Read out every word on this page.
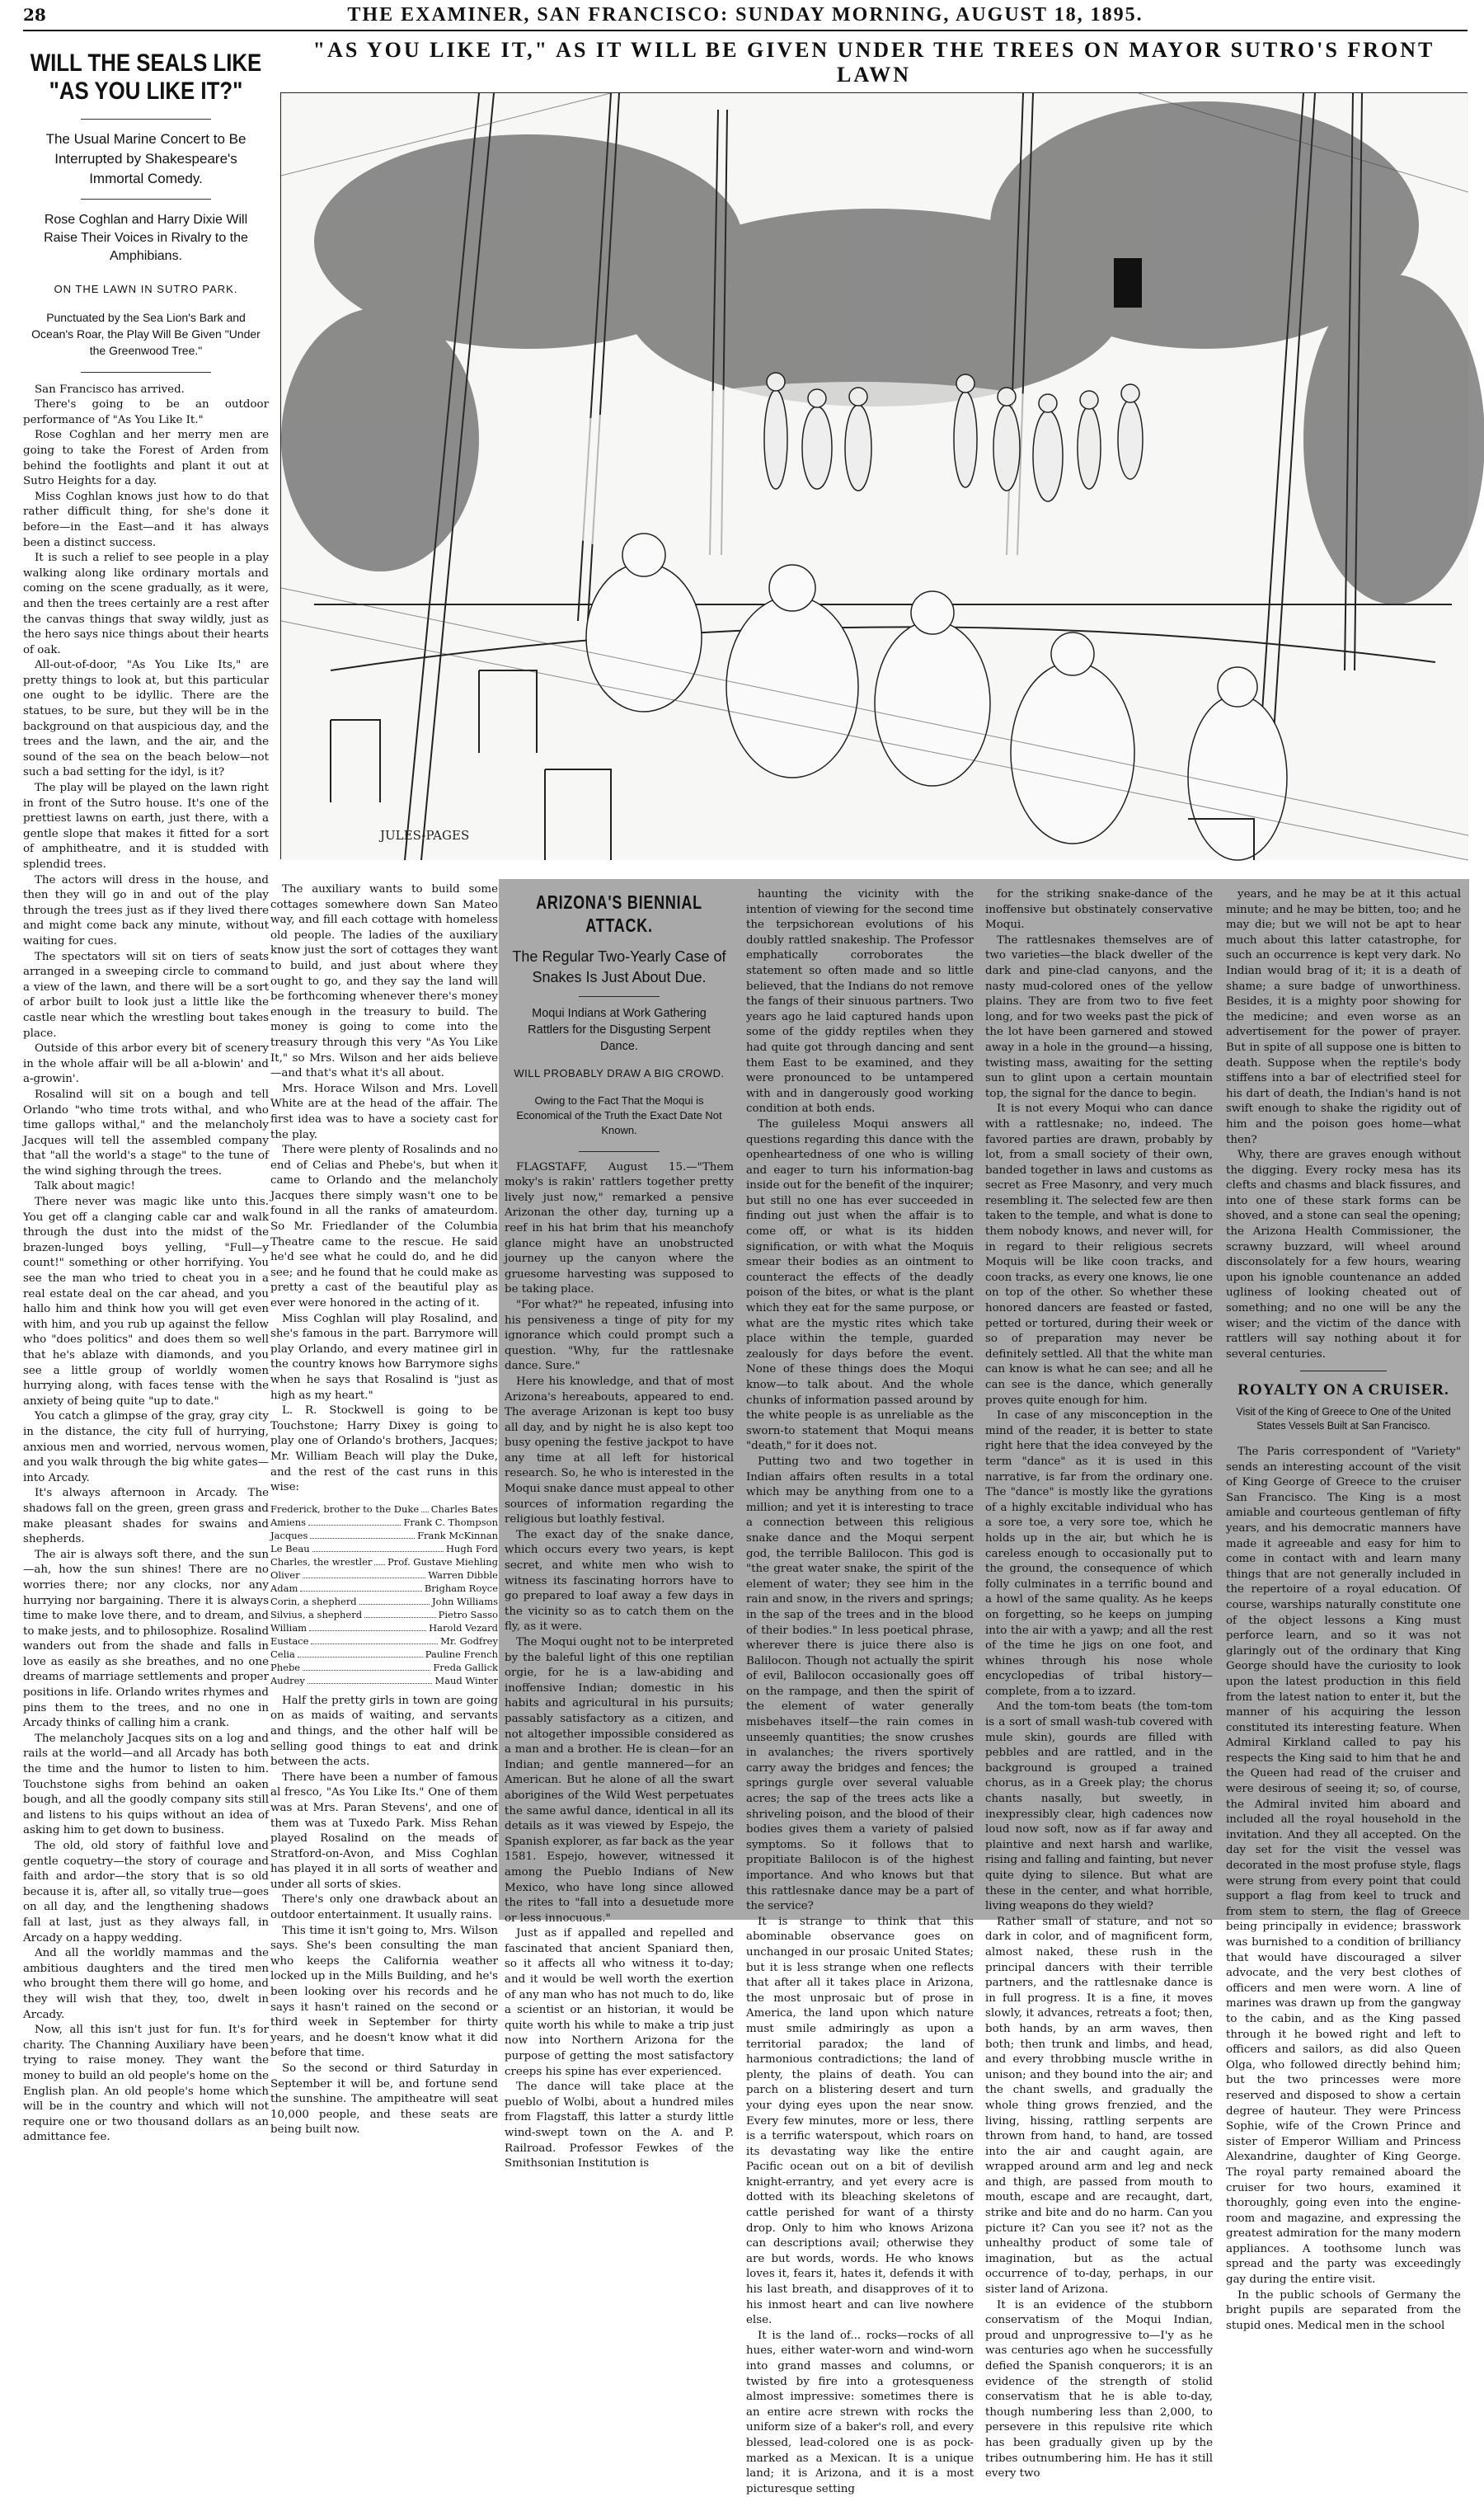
28	THE EXAMINER, SAN FRANCISCO: SUNDAY MORNING, AUGUST 18, 1895.
WILL THE SEALS LIKE "AS YOU LIKE IT?"
The Usual Marine Concert to Be Interrupted by Shakespeare's Immortal Comedy.
Rose Coghlan and Harry Dixie Will Raise Their Voices in Rivalry to the Amphibians.
ON THE LAWN IN SUTRO PARK.
Punctuated by the Sea Lion's Bark and Ocean's Roar, the Play Will Be Given "Under the Greenwood Tree."

San Francisco has arrived.

There's going to be an outdoor performance of "As You Like It."

Rose Coghlan and her merry men are going to take the Forest of Arden from behind the footlights and plant it out at Sutro Heights for a day.

Miss Coghlan knows just how to do that rather difficult thing, for she's done it before—in the East—and it has always been a distinct success.

It is such a relief to see people in a play walking along like ordinary mortals and coming on the scene gradually, as it were, and then the trees certainly are a rest after the canvas things that sway wildly, just as the hero says nice things about their hearts of oak.

All-out-of-door, "As You Like Its," are pretty things to look at, but this particular one ought to be idyllic. There are the statues, to be sure, but they will be in the background on that auspicious day, and the trees and the lawn, and the air, and the sound of the sea on the beach below—not such a bad setting for the idyl, is it?

The play will be played on the lawn right in front of the Sutro house. It's one of the prettiest lawns on earth, just there, with a gentle slope that makes it fitted for a sort of amphitheatre, and it is studded with splendid trees.

The actors will dress in the house, and then they will go in and out of the play through the trees just as if they lived there and might come back any minute, without waiting for cues.

The spectators will sit on tiers of seats arranged in a sweeping circle to command a view of the lawn, and there will be a sort of arbor built to look just a little like the castle near which the wrestling bout takes place.

Outside of this arbor every bit of scenery in the whole affair will be all a-blowin' and a-growin'.

Rosalind will sit on a bough and tell Orlando "who time trots withal, and who time gallops withal," and the melancholy Jacques will tell the assembled company that "all the world's a stage" to the tune of the wind sighing through the trees.

Talk about magic!

There never was magic like unto this. You get off a clanging cable car and walk through the dust into the midst of the brazen-lunged boys yelling, "Full—y count!" something or other horrifying. You see the man who tried to cheat you in a real estate deal on the car ahead, and you hallo him and think how you will get even with him, and you rub up against the fellow who "does politics" and does them so well that he's ablaze with diamonds, and you see a little group of worldly women hurrying along, with faces tense with the anxiety of being quite "up to date."

You catch a glimpse of the gray, gray city in the distance, the city full of hurrying, anxious men and worried, nervous women, and you walk through the big white gates—into Arcady.

It's always afternoon in Arcady. The shadows fall on the green, green grass and make pleasant shades for swains and shepherds.

The air is always soft there, and the sun—ah, how the sun shines! There are no worries there; nor any clocks, nor any hurrying nor bargaining. There it is always time to make love there, and to dream, and to make jests, and to philosophize. Rosalind wanders out from the shade and falls in love as easily as she breathes, and no one dreams of marriage settlements and proper positions in life. Orlando writes rhymes and pins them to the trees, and no one in Arcady thinks of calling him a crank.

The melancholy Jacques sits on a log and rails at the world—and all Arcady has both the time and the humor to listen to him. Touchstone sighs from behind an oaken bough, and all the goodly company sits still and listens to his quips without an idea of asking him to get down to business.

The old, old story of faithful love and gentle coquetry—the story of courage and faith and ardor—the story that is so old because it is, after all, so vitally true—goes on all day, and the lengthening shadows fall at last, just as they always fall, in Arcady on a happy wedding.

And all the worldly mammas and the ambitious daughters and the tired men who brought them there will go home, and they will wish that they, too, dwelt in Arcady.

Now, all this isn't just for fun. It's for charity. The Channing Auxiliary have been trying to raise money. They want the money to build an old people's home on the English plan. An old people's home which will be in the country and which will not require one or two thousand dollars as an admittance fee.

"AS YOU LIKE IT," AS IT WILL BE GIVEN UNDER THE TREES ON MAYOR SUTRO'S FRONT LAWN
JULES-PAGES

The auxiliary wants to build some cottages somewhere down San Mateo way, and fill each cottage with homeless old people. The ladies of the auxiliary know just the sort of cottages they want to build, and just about where they ought to go, and they say the land will be forthcoming whenever there's money enough in the treasury to build. The money is going to come into the treasury through this very "As You Like It," so Mrs. Wilson and her aids believe—and that's what it's all about.

Mrs. Horace Wilson and Mrs. Lovell White are at the head of the affair. The first idea was to have a society cast for the play.

There were plenty of Rosalinds and no end of Celias and Phebe's, but when it came to Orlando and the melancholy Jacques there simply wasn't one to be found in all the ranks of amateurdom. So Mr. Friedlander of the Columbia Theatre came to the rescue. He said he'd see what he could do, and he did see; and he found that he could make as pretty a cast of the beautiful play as ever were honored in the acting of it.

Miss Coghlan will play Rosalind, and she's famous in the part. Barrymore will play Orlando, and every matinee girl in the country knows how Barrymore sighs when he says that Rosalind is "just as high as my heart."

L. R. Stockwell is going to be Touchstone; Harry Dixey is going to play one of Orlando's brothers, Jacques; Mr. William Beach will play the Duke, and the rest of the cast runs in this wise:

Frederick, brother to the Duke Charles Bates
Amiens	Frank C. Thompson
Jacques	Frank McKinnan
Le Beau	Hugh Ford
Charles, the wrestler Prof. Gustave Miehling
Oliver	Warren Dibble
Adam	Brigham Royce
Corin, a shepherd	John Williams
Silvius, a shepherd	Pietro Sasso
William	Harold Vezard
Eustace	Mr. Godfrey
Celia	Pauline French
Phebe	Freda Gallick
Audrey	Maud Winter

Half the pretty girls in town are going on as maids of waiting, and servants and things, and the other half will be selling good things to eat and drink between the acts.

There have been a number of famous al fresco, "As You Like Its." One of them was at Mrs. Paran Stevens', and one of them was at Tuxedo Park. Miss Rehan played Rosalind on the meads of Stratford-on-Avon, and Miss Coghlan has played it in all sorts of weather and under all sorts of skies.

There's only one drawback about an outdoor entertainment. It usually rains.

This time it isn't going to, Mrs. Wilson says. She's been consulting the man who keeps the California weather locked up in the Mills Building, and he's been looking over his records and he says it hasn't rained on the second or third week in September for thirty years, and he doesn't know what it did before that time.

So the second or third Saturday in September it will be, and fortune send the sunshine. The ampitheatre will seat 10,000 people, and these seats are being built now.

ARIZONA'S BIENNIAL ATTACK.
The Regular Two-Yearly Case of Snakes Is Just About Due.
Moqui Indians at Work Gathering Rattlers for the Disgusting Serpent Dance.
WILL PROBABLY DRAW A BIG CROWD.
Owing to the Fact That the Moqui is Economical of the Truth the Exact Date Not Known.

FLAGSTAFF, August 15.—"Them moky's is rakin' rattlers together pretty lively just now," remarked a pensive Arizonan the other day, turning up a reef in his hat brim that his meanchofy glance might have an unobstructed journey up the canyon where the gruesome harvesting was supposed to be taking place.

"For what?" he repeated, infusing into his pensiveness a tinge of pity for my ignorance which could prompt such a question. "Why, fur the rattlesnake dance. Sure."

Here his knowledge, and that of most Arizona's hereabouts, appeared to end. The average Arizonan is kept too busy all day, and by night he is also kept too busy opening the festive jackpot to have any time at all left for historical research. So, he who is interested in the Moqui snake dance must appeal to other sources of information regarding the religious but loathly festival.

The exact day of the snake dance, which occurs every two years, is kept secret, and white men who wish to witness its fascinating horrors have to go prepared to loaf away a few days in the vicinity so as to catch them on the fly, as it were.

The Moqui ought not to be interpreted by the baleful light of this one reptilian orgie, for he is a law-abiding and inoffensive Indian; domestic in his habits and agricultural in his pursuits; passably satisfactory as a citizen, and not altogether impossible considered as a man and a brother. He is clean—for an Indian; and gentle mannered—for an American. But he alone of all the swart aborigines of the Wild West perpetuates the same awful dance, identical in all its details as it was viewed by Espejo, the Spanish explorer, as far back as the year 1581. Espejo, however, witnessed it among the Pueblo Indians of New Mexico, who have long since allowed the rites to "fall into a desuetude more or less innocuous."

Just as if appalled and repelled and fascinated that ancient Spaniard then, so it affects all who witness it to-day; and it would be well worth the exertion of any man who has not much to do, like a scientist or an historian, it would be quite worth his while to make a trip just now into Northern Arizona for the purpose of getting the most satisfactory creeps his spine has ever experienced.

The dance will take place at the pueblo of Wolbi, about a hundred miles from Flagstaff, this latter a sturdy little wind-swept town on the A. and P. Railroad. Professor Fewkes of the Smithsonian Institution is

haunting the vicinity with the intention of viewing for the second time the terpsichorean evolutions of his doubly rattled snakeship. The Professor emphatically corroborates the statement so often made and so little believed, that the Indians do not remove the fangs of their sinuous partners. Two years ago he laid captured hands upon some of the giddy reptiles when they had quite got through dancing and sent them East to be examined, and they were pronounced to be untampered with and in dangerously good working condition at both ends.

The guileless Moqui answers all questions regarding this dance with the openheartedness of one who is willing and eager to turn his information-bag inside out for the benefit of the inquirer; but still no one has ever succeeded in finding out just when the affair is to come off, or what is its hidden signification, or with what the Moquis smear their bodies as an ointment to counteract the effects of the deadly poison of the bites, or what is the plant which they eat for the same purpose, or what are the mystic rites which take place within the temple, guarded zealously for days before the event. None of these things does the Moqui know—to talk about. And the whole chunks of information passed around by the white people is as unreliable as the sworn-to statement that Moqui means "death," for it does not.

Putting two and two together in Indian affairs often results in a total which may be anything from one to a million; and yet it is interesting to trace a connection between this religious snake dance and the Moqui serpent god, the terrible Balilocon. This god is "the great water snake, the spirit of the element of water; they see him in the rain and snow, in the rivers and springs; in the sap of the trees and in the blood of their bodies." In less poetical phrase, wherever there is juice there also is Balilocon. Though not actually the spirit of evil, Balilocon occasionally goes off on the rampage, and then the spirit of the element of water generally misbehaves itself—the rain comes in unseemly quantities; the snow crushes in avalanches; the rivers sportively carry away the bridges and fences; the springs gurgle over several valuable acres; the sap of the trees acts like a shriveling poison, and the blood of their bodies gives them a variety of palsied symptoms. So it follows that to propitiate Balilocon is of the highest importance. And who knows but that this rattlesnake dance may be a part of the service?

It is strange to think that this abominable observance goes on unchanged in our prosaic United States; but it is less strange when one reflects that after all it takes place in Arizona, the most unprosaic but of prose in America, the land upon which nature must smile admiringly as upon a territorial paradox; the land of harmonious contradictions; the land of plenty, the plains of death. You can parch on a blistering desert and turn your dying eyes upon the near snow. Every few minutes, more or less, there is a terrific waterspout, which roars on its devastating way like the entire Pacific ocean out on a bit of devilish knight-errantry, and yet every acre is dotted with its bleaching skeletons of cattle perished for want of a thirsty drop. Only to him who knows Arizona can descriptions avail; otherwise they are but words, words. He who knows loves it, fears it, hates it, defends it with his last breath, and disapproves of it to his inmost heart and can live nowhere else.

It is the land of... rocks—rocks of all hues, either water-worn and wind-worn into grand masses and columns, or twisted by fire into a grotesqueness almost impressive: sometimes there is an entire acre strewn with rocks the uniform size of a baker's roll, and every blessed, lead-colored one is as pock-marked as a Mexican. It is a unique land; it is Arizona, and it is a most picturesque setting

for the striking snake-dance of the inoffensive but obstinately conservative Moqui.

The rattlesnakes themselves are of two varieties—the black dweller of the dark and pine-clad canyons, and the nasty mud-colored ones of the yellow plains. They are from two to five feet long, and for two weeks past the pick of the lot have been garnered and stowed away in a hole in the ground—a hissing, twisting mass, awaiting for the setting sun to glint upon a certain mountain top, the signal for the dance to begin.

It is not every Moqui who can dance with a rattlesnake; no, indeed. The favored parties are drawn, probably by lot, from a small society of their own, banded together in laws and customs as secret as Free Masonry, and very much resembling it. The selected few are then taken to the temple, and what is done to them nobody knows, and never will, for in regard to their religious secrets Moquis will be like coon tracks, and coon tracks, as every one knows, lie one on top of the other. So whether these honored dancers are feasted or fasted, petted or tortured, during their week or so of preparation may never be definitely settled. All that the white man can know is what he can see; and all he can see is the dance, which generally proves quite enough for him.

In case of any misconception in the mind of the reader, it is better to state right here that the idea conveyed by the term "dance" as it is used in this narrative, is far from the ordinary one. The "dance" is mostly like the gyrations of a highly excitable individual who has a sore toe, a very sore toe, which he holds up in the air, but which he is careless enough to occasionally put to the ground, the consequence of which folly culminates in a terrific bound and a howl of the same quality. As he keeps on forgetting, so he keeps on jumping into the air with a yawp; and all the rest of the time he jigs on one foot, and whines through his nose whole encyclopedias of tribal history—complete, from a to izzard.

And the tom-tom beats (the tom-tom is a sort of small wash-tub covered with mule skin), gourds are filled with pebbles and are rattled, and in the background is grouped a trained chorus, as in a Greek play; the chorus chants nasally, but sweetly, in inexpressibly clear, high cadences now loud now soft, now as if far away and plaintive and next harsh and warlike, rising and falling and fainting, but never quite dying to silence. But what are these in the center, and what horrible, living weapons do they wield?

Rather small of stature, and not so dark in color, and of magnificent form, almost naked, these rush in the principal dancers with their terrible partners, and the rattlesnake dance is in full progress. It is a fine, it moves slowly, it advances, retreats a foot; then, both hands, by an arm waves, then both; then trunk and limbs, and head, and every throbbing muscle writhe in unison; and they bound into the air; and the chant swells, and gradually the whole thing grows frenzied, and the living, hissing, rattling serpents are thrown from hand, to hand, are tossed into the air and caught again, are wrapped around arm and leg and neck and thigh, are passed from mouth to mouth, escape and are recaught, dart, strike and bite and do no harm. Can you picture it? Can you see it? not as the unhealthy product of some tale of imagination, but as the actual occurrence of to-day, perhaps, in our sister land of Arizona.

It is an evidence of the stubborn conservatism of the Moqui Indian, proud and unprogressive to—I'y as he was centuries ago when he successfully defied the Spanish conquerors; it is an evidence of the strength of stolid conservatism that he is able to-day, though numbering less than 2,000, to persevere in this repulsive rite which has been gradually given up by the tribes outnumbering him. He has it still every two

years, and he may be at it this actual minute; and he may be bitten, too; and he may die; but we will not be apt to hear much about this latter catastrophe, for such an occurrence is kept very dark. No Indian would brag of it; it is a death of shame; a sure badge of unworthiness. Besides, it is a mighty poor showing for the medicine; and even worse as an advertisement for the power of prayer. But in spite of all suppose one is bitten to death. Suppose when the reptile's body stiffens into a bar of electrified steel for his dart of death, the Indian's hand is not swift enough to shake the rigidity out of him and the poison goes home—what then?

Why, there are graves enough without the digging. Every rocky mesa has its clefts and chasms and black fissures, and into one of these stark forms can be shoved, and a stone can seal the opening; the Arizona Health Commissioner, the scrawny buzzard, will wheel around disconsolately for a few hours, wearing upon his ignoble countenance an added ugliness of looking cheated out of something; and no one will be any the wiser; and the victim of the dance with rattlers will say nothing about it for several centuries.

ROYALTY ON A CRUISER.
Visit of the King of Greece to One of the United States Vessels Built at San Francisco.

The Paris correspondent of "Variety" sends an interesting account of the visit of King George of Greece to the cruiser San Francisco. The King is a most amiable and courteous gentleman of fifty years, and his democratic manners have made it agreeable and easy for him to come in contact with and learn many things that are not generally included in the repertoire of a royal education. Of course, warships naturally constitute one of the object lessons a King must perforce learn, and so it was not glaringly out of the ordinary that King George should have the curiosity to look upon the latest production in this field from the latest nation to enter it, but the manner of his acquiring the lesson constituted its interesting feature. When Admiral Kirkland called to pay his respects the King said to him that he and the Queen had read of the cruiser and were desirous of seeing it; so, of course, the Admiral invited him aboard and included all the royal household in the invitation. And they all accepted. On the day set for the visit the vessel was decorated in the most profuse style, flags were strung from every point that could support a flag from keel to truck and from stem to stern, the flag of Greece being principally in evidence; brasswork was burnished to a condition of brilliancy that would have discouraged a silver advocate, and the very best clothes of officers and men were worn. A line of marines was drawn up from the gangway to the cabin, and as the King passed through it he bowed right and left to officers and sailors, as did also Queen Olga, who followed directly behind him; but the two princesses were more reserved and disposed to show a certain degree of hauteur. They were Princess Sophie, wife of the Crown Prince and sister of Emperor William and Princess Alexandrine, daughter of King George. The royal party remained aboard the cruiser for two hours, examined it thoroughly, going even into the engine-room and magazine, and expressing the greatest admiration for the many modern appliances. A toothsome lunch was spread and the party was exceedingly gay during the entire visit.

In the public schools of Germany the bright pupils are separated from the stupid ones. Medical men in the school
